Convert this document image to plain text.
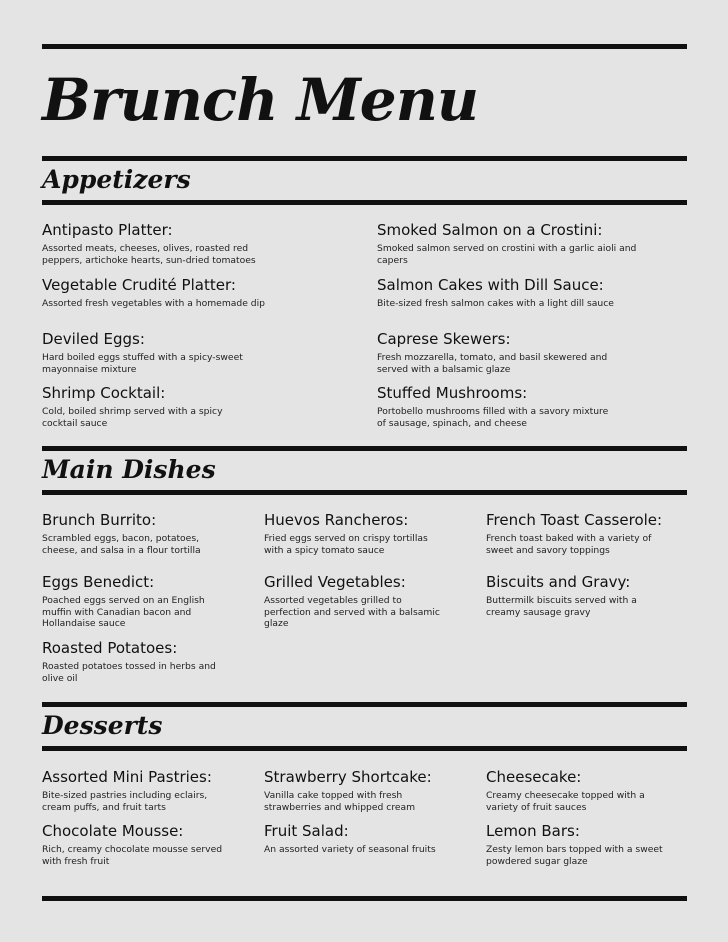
Brunch Menu
Appetizers
Antipasto Platter:
Assorted meats, cheeses, olives, roasted red peppers, artichoke hearts, sun-dried tomatoes
Vegetable Crudité Platter:
Assorted fresh vegetables with a homemade dip
Deviled Eggs:
Hard boiled eggs stuffed with a spicy-sweet mayonnaise mixture
Shrimp Cocktail:
Cold, boiled shrimp served with a spicy cocktail sauce
Smoked Salmon on a Crostini:
Smoked salmon served on crostini with a garlic aioli and capers
Salmon Cakes with Dill Sauce:
Bite-sized fresh salmon cakes with a light dill sauce
Caprese Skewers:
Fresh mozzarella, tomato, and basil skewered and served with a balsamic glaze
Stuffed Mushrooms:
Portobello mushrooms filled with a savory mixture of sausage, spinach, and cheese
Main Dishes
Brunch Burrito:
Scrambled eggs, bacon, potatoes, cheese, and salsa in a flour tortilla
Eggs Benedict:
Poached eggs served on an English muffin with Canadian bacon and Hollandaise sauce
Roasted Potatoes:
Roasted potatoes tossed in herbs and olive oil
Huevos Rancheros:
Fried eggs served on crispy tortillas with a spicy tomato sauce
Grilled Vegetables:
Assorted vegetables grilled to perfection and served with a balsamic glaze
French Toast Casserole:
French toast baked with a variety of sweet and savory toppings
Biscuits and Gravy:
Buttermilk biscuits served with a creamy sausage gravy
Desserts
Assorted Mini Pastries:
Bite-sized pastries including eclairs, cream puffs, and fruit tarts
Chocolate Mousse:
Rich, creamy chocolate mousse served with fresh fruit
Strawberry Shortcake:
Vanilla cake topped with fresh strawberries and whipped cream
Fruit Salad:
An assorted variety of seasonal fruits
Cheesecake:
Creamy cheesecake topped with a variety of fruit sauces
Lemon Bars:
Zesty lemon bars topped with a sweet powdered sugar glaze
